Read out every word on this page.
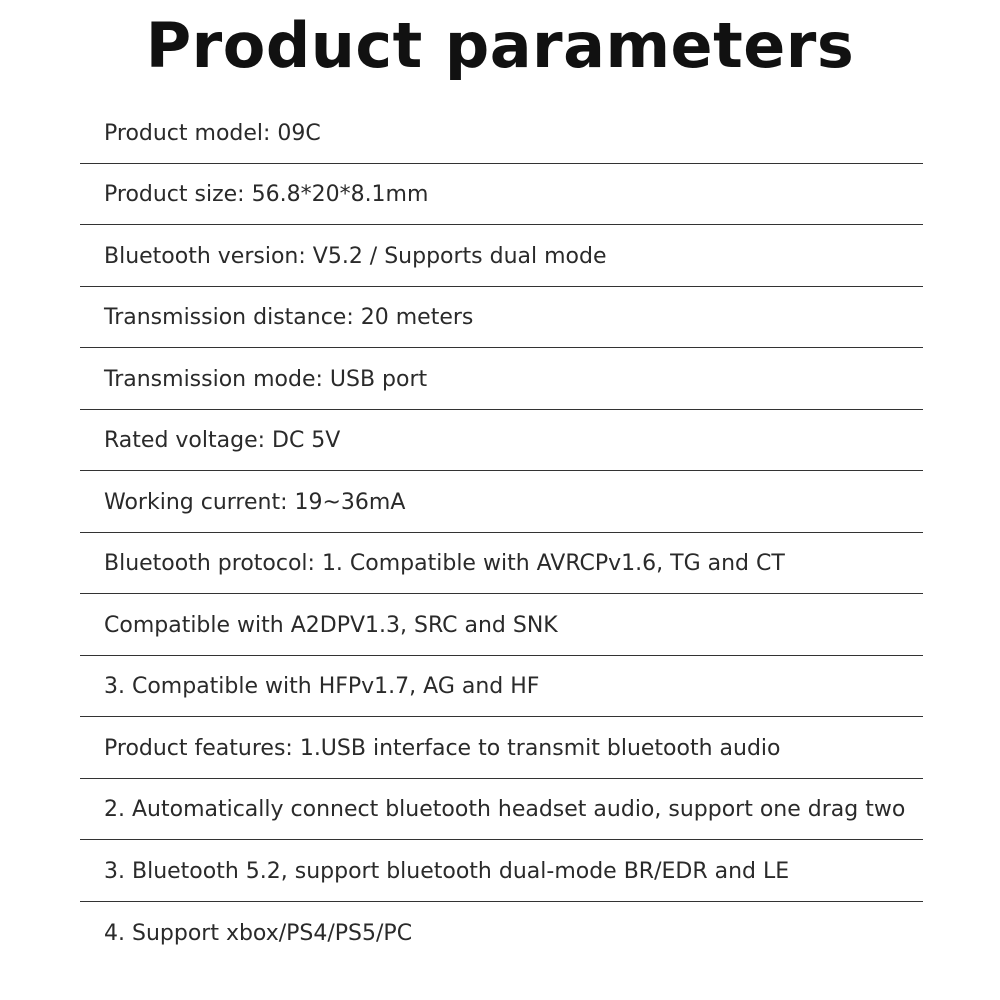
Product parameters
Product model: 09C
Product size: 56.8*20*8.1mm
Bluetooth version: V5.2 / Supports dual mode
Transmission distance: 20 meters
Transmission mode: USB port
Rated voltage: DC 5V
Working current: 19~36mA
Bluetooth protocol: 1. Compatible with AVRCPv1.6, TG and CT
Compatible with A2DPV1.3, SRC and SNK
3. Compatible with HFPv1.7, AG and HF
Product features: 1.USB interface to transmit bluetooth audio
2. Automatically connect bluetooth headset audio, support one drag two
3. Bluetooth 5.2, support bluetooth dual-mode BR/EDR and LE
4. Support xbox/PS4/PS5/PC
